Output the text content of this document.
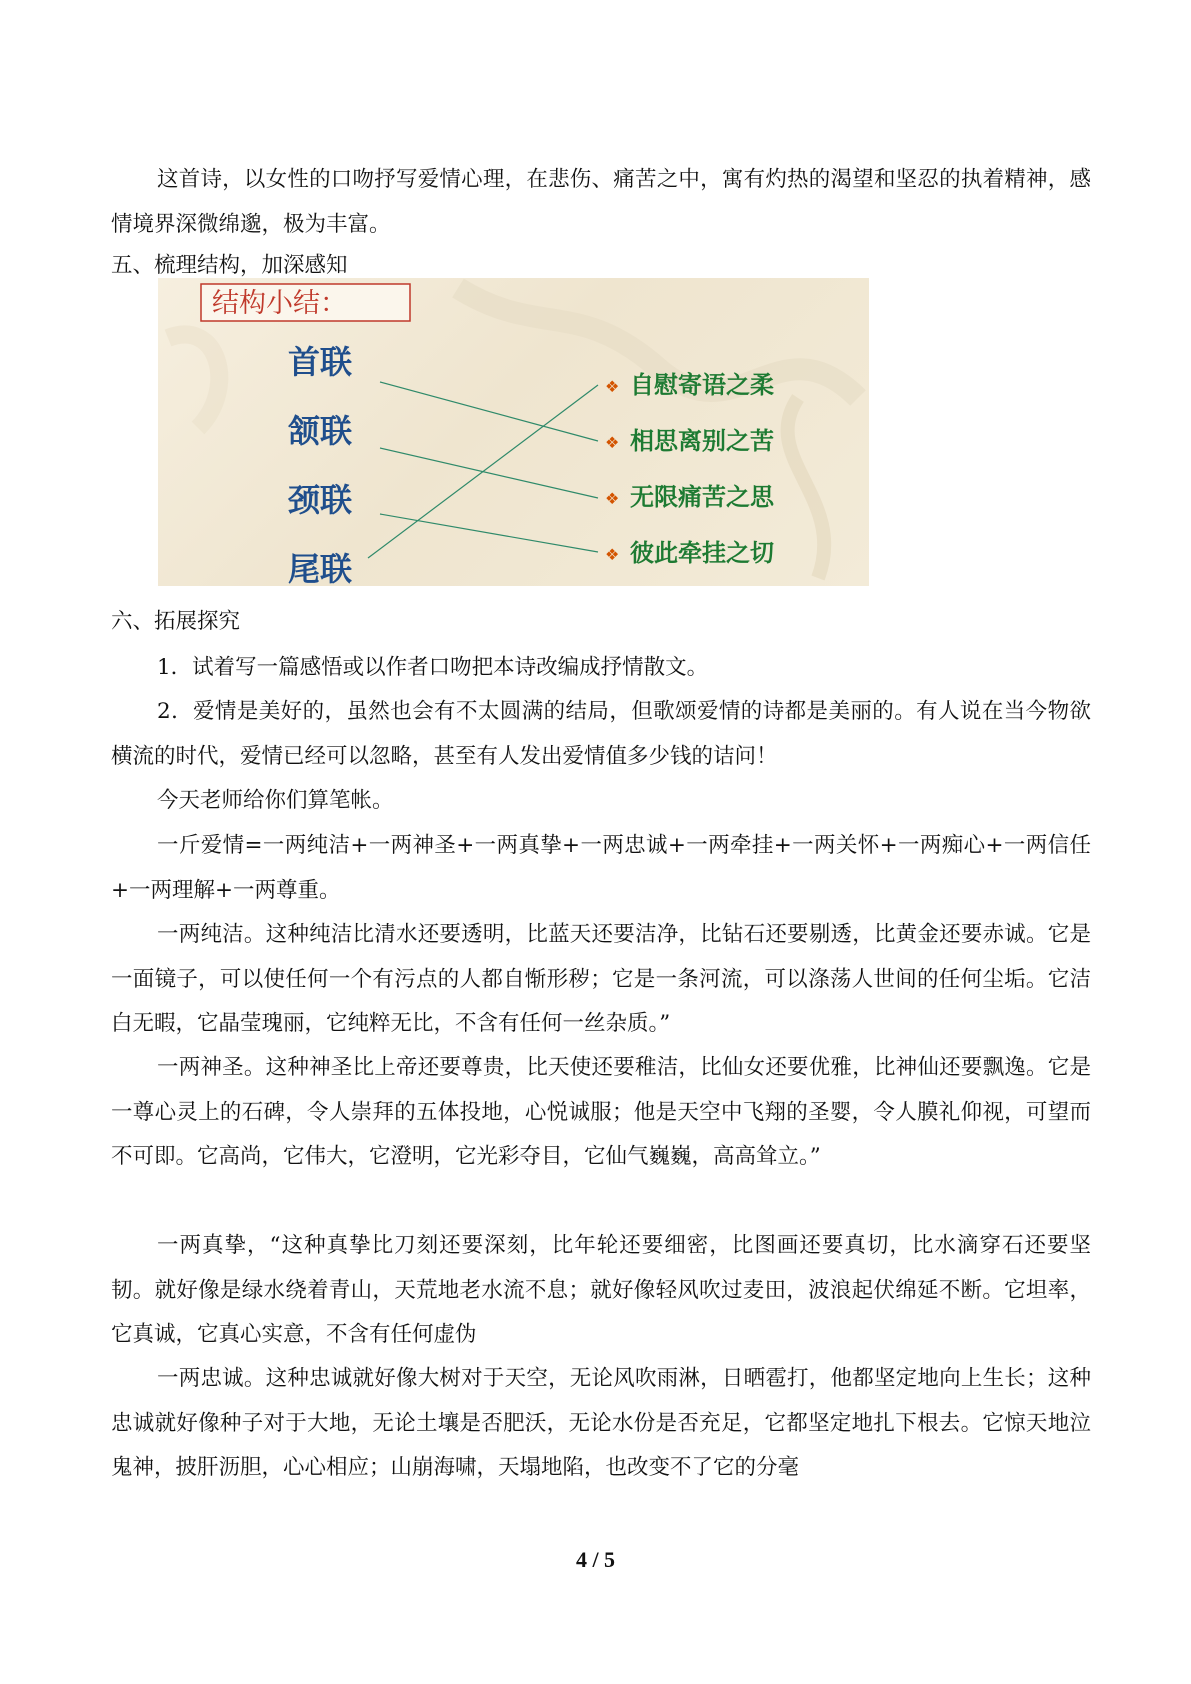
这首诗，以女性的口吻抒写爱情心理，在悲伤、痛苦之中，寓有灼热的渴望和坚忍的执着精神，感情境界深微绵邈，极为丰富。

五、梳理结构，加深感知

结构小结：
首联
颔联
颈联
尾联
❖ 自慰寄语之柔
❖ 相思离别之苦
❖ 无限痛苦之思
❖ 彼此牵挂之切

六、拓展探究

1．试着写一篇感悟或以作者口吻把本诗改编成抒情散文。

2．爱情是美好的，虽然也会有不太圆满的结局，但歌颂爱情的诗都是美丽的。有人说在当今物欲横流的时代，爱情已经可以忽略，甚至有人发出爱情值多少钱的诘问！

今天老师给你们算笔帐。

一斤爱情=一两纯洁+一两神圣+一两真挚+一两忠诚+一两牵挂+一两关怀+一两痴心+一两信任+一两理解+一两尊重。

一两纯洁。这种纯洁比清水还要透明，比蓝天还要洁净，比钻石还要剔透，比黄金还要赤诚。它是一面镜子，可以使任何一个有污点的人都自惭形秽；它是一条河流，可以涤荡人世间的任何尘垢。它洁白无暇，它晶莹瑰丽，它纯粹无比，不含有任何一丝杂质。”

一两神圣。这种神圣比上帝还要尊贵，比天使还要稚洁，比仙女还要优雅，比神仙还要飘逸。它是一尊心灵上的石碑，令人崇拜的五体投地，心悦诚服；他是天空中飞翔的圣婴，令人膜礼仰视，可望而不可即。它高尚，它伟大，它澄明，它光彩夺目，它仙气巍巍，高高耸立。”

一两真挚，“这种真挚比刀刻还要深刻，比年轮还要细密，比图画还要真切，比水滴穿石还要坚韧。就好像是绿水绕着青山，天荒地老水流不息；就好像轻风吹过麦田，波浪起伏绵延不断。它坦率，它真诚，它真心实意，不含有任何虚伪

一两忠诚。这种忠诚就好像大树对于天空，无论风吹雨淋，日晒雹打，他都坚定地向上生长；这种忠诚就好像种子对于大地，无论土壤是否肥沃，无论水份是否充足，它都坚定地扎下根去。它惊天地泣鬼神，披肝沥胆，心心相应；山崩海啸，天塌地陷，也改变不了它的分毫

4 / 5
